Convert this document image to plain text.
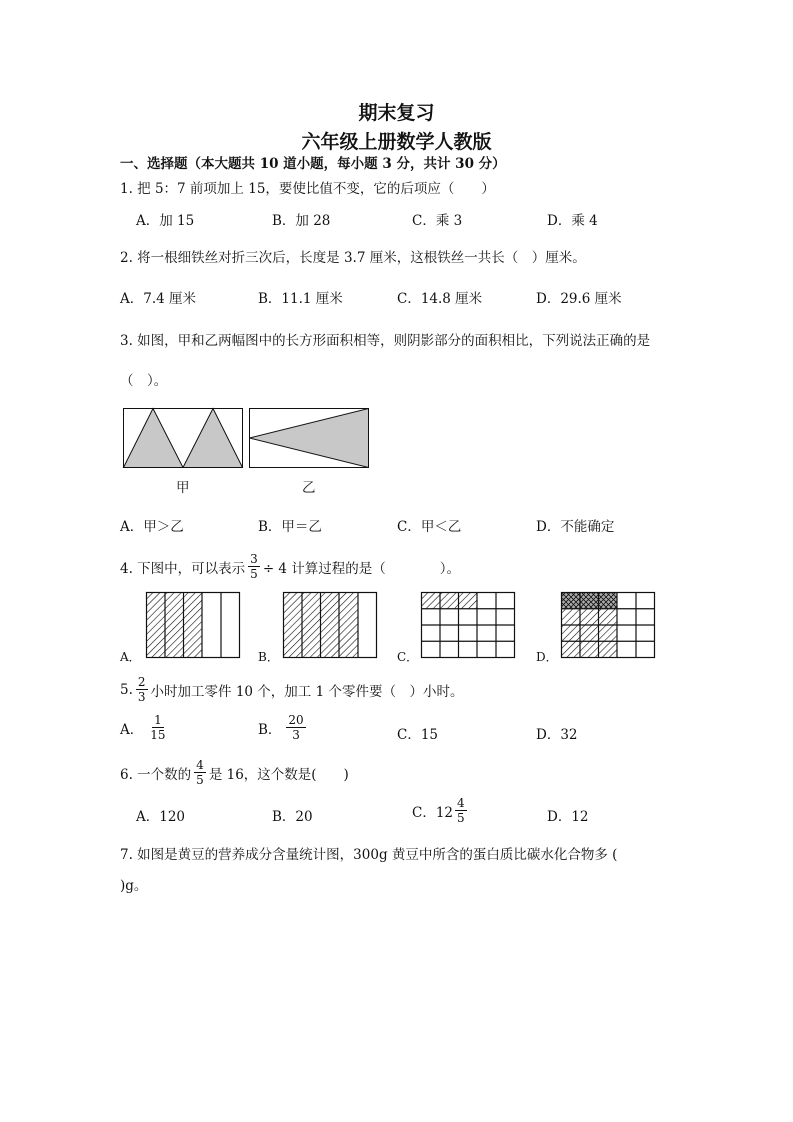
期末复习
六年级上册数学人教版
一、选择题（本大题共 10 道小题，每小题 3 分，共计 30 分）
1. 把 5：7 前项加上 15，要使比值不变，它的后项应（　　）
A．加 15	B．加 28	C．乘 3	D．乘 4
2. 将一根细铁丝对折三次后，长度是 3.7 厘米，这根铁丝一共长（　）厘米。
A．7.4 厘米	B．11.1 厘米	C．14.8 厘米	D．29.6 厘米
3. 如图，甲和乙两幅图中的长方形面积相等，则阴影部分的面积相比，下列说法正确的是
（　）。
甲	乙
A．甲＞乙	B．甲＝乙	C．甲＜乙	D．不能确定
4. 下图中，可以表示 $\frac{3}{5} \div 4$ 计算过程的是（　　　　）。
A．	B．	C．	D．
5. $\frac{2}{3}$ 小时加工零件 10 个，加工 1 个零件要（　）小时。
A． $\frac{1}{15}$	B． $\frac{20}{3}$	C．15	D．32
6. 一个数的 $\frac{4}{5}$ 是 16，这个数是(　　)
A．120	B．20	C．$12 \frac{4}{5}$	D．12
7. 如图是黄豆的营养成分含量统计图，300g 黄豆中所含的蛋白质比碳水化合物多 (
)g。
